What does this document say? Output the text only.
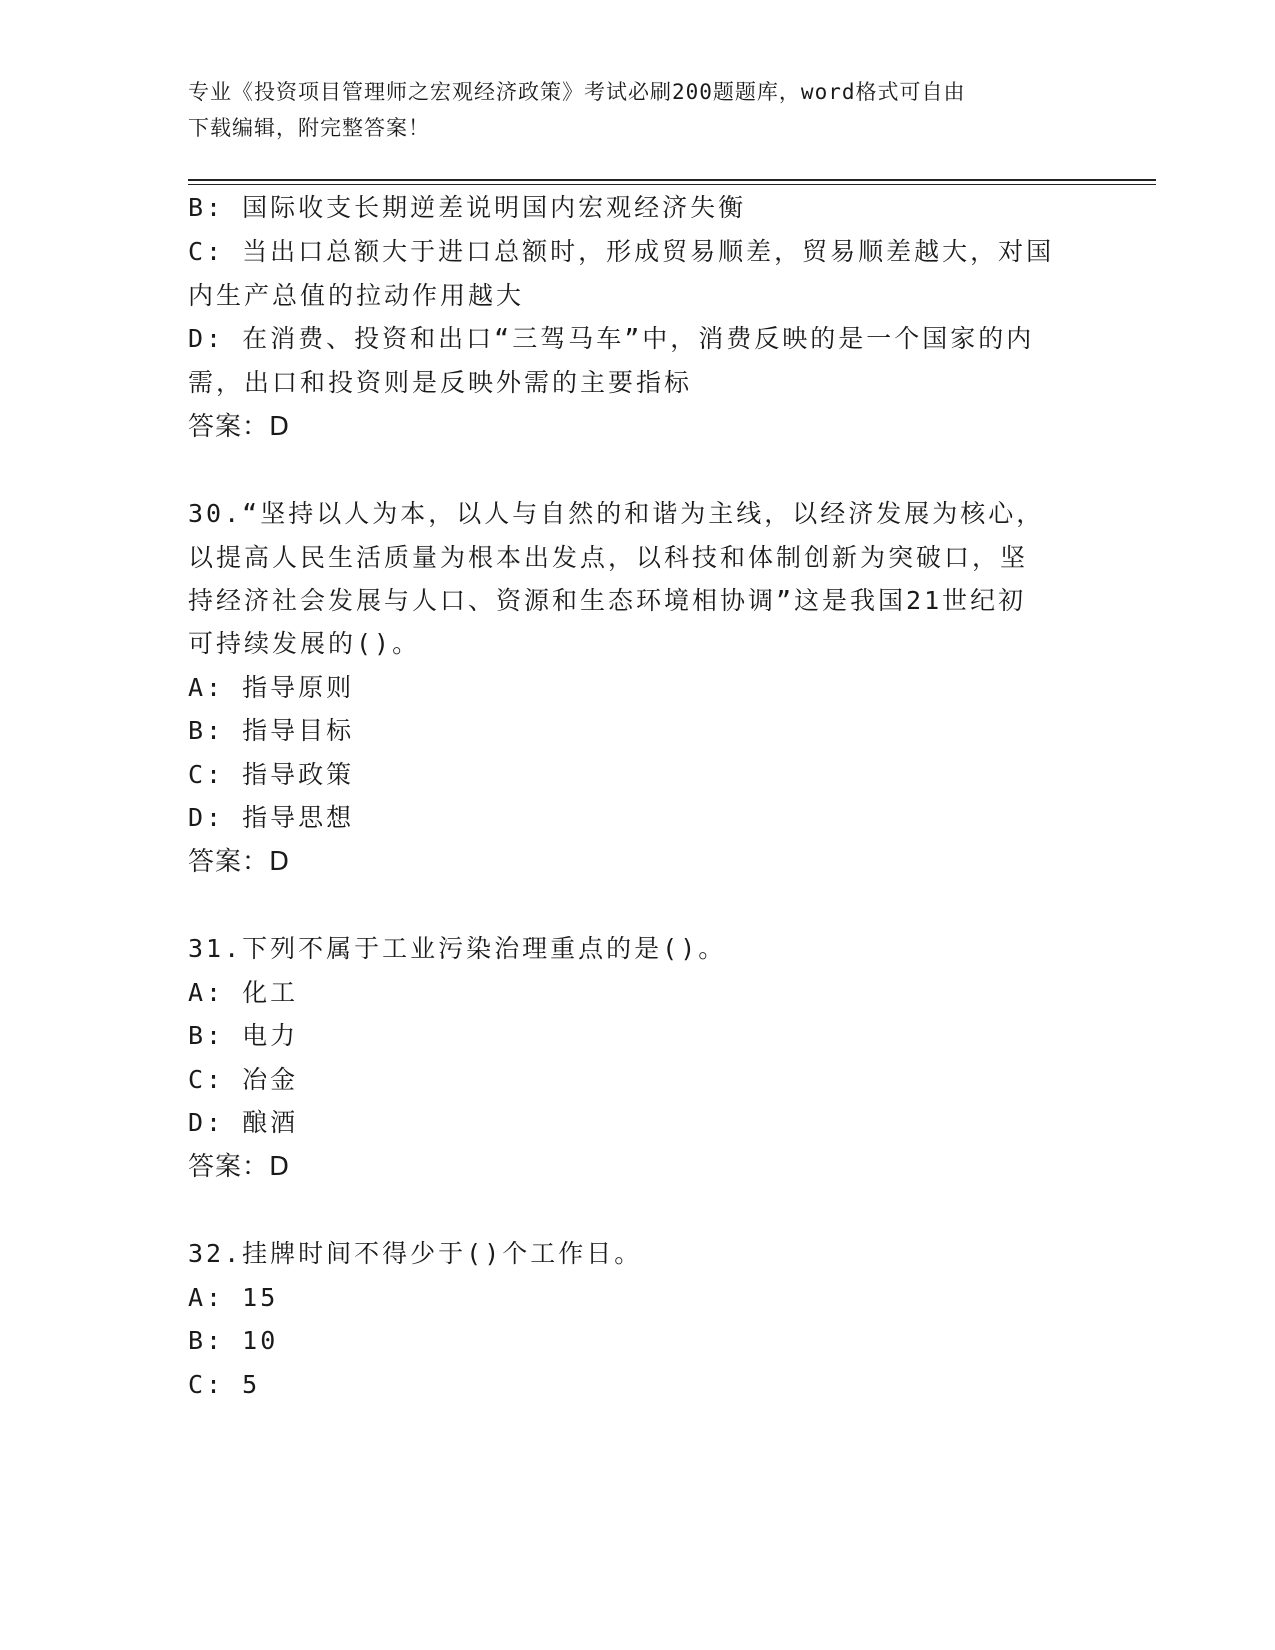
专业《投资项目管理师之宏观经济政策》考试必刷200题题库，word格式可自由
下载编辑，附完整答案！
B: 国际收支长期逆差说明国内宏观经济失衡
C: 当出口总额大于进口总额时，形成贸易顺差，贸易顺差越大，对国
内生产总值的拉动作用越大
D: 在消费、投资和出口“三驾马车”中，消费反映的是一个国家的内
需，出口和投资则是反映外需的主要指标
答案：D
30.“坚持以人为本，以人与自然的和谐为主线，以经济发展为核心，
以提高人民生活质量为根本出发点，以科技和体制创新为突破口，坚
持经济社会发展与人口、资源和生态环境相协调”这是我国21世纪初
可持续发展的()。
A: 指导原则
B: 指导目标
C: 指导政策
D: 指导思想
答案：D
31.下列不属于工业污染治理重点的是()。
A: 化工
B: 电力
C: 冶金
D: 酿酒
答案：D
32.挂牌时间不得少于()个工作日。
A: 15
B: 10
C: 5
